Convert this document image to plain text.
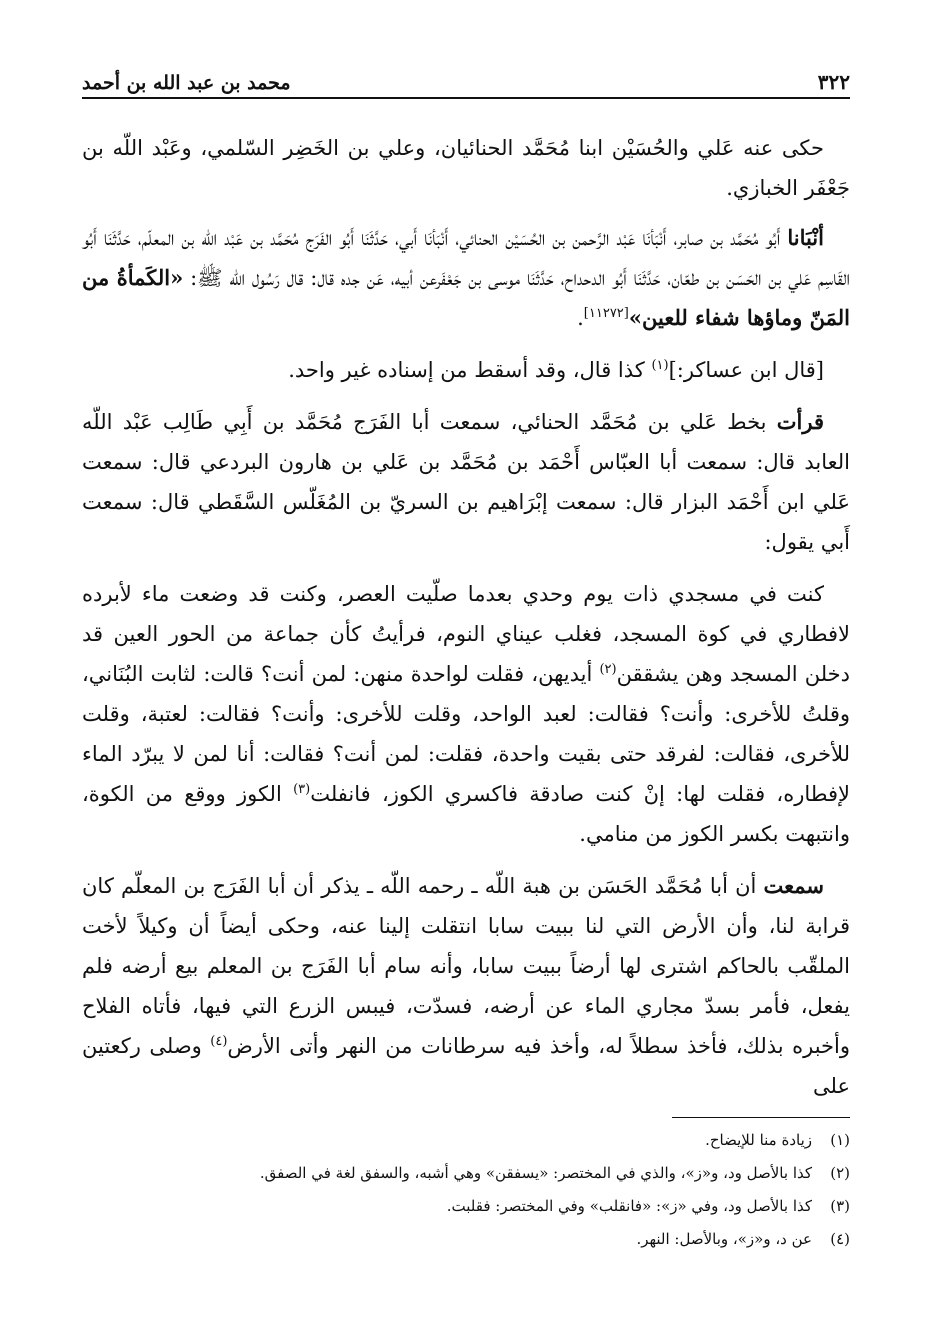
٣٢٢
محمد بن عبد الله بن أحمد

حكى عنه عَلي والحُسَيْن ابنا مُحَمَّد الحنائيان، وعلي بن الخَضِر السّلمي، وعَبْد اللّه بن جَعْفَر الخبازي.

أنْبَانا أَبُو مُحَمَّد بن صابر، أَنْبَأنَا عَبْد الرَّحمن بن الحُسَيْن الحنائي، أَنْبَأنَا أَبي، حَدَّثَنَا أَبُو الفَرَج مُحَمَّد بن عَبْد اللّه بن المعلّم، حَدَّثَنَا أَبُو القَاسِم عَلي بن الحَسَن بن طعّان، حَدَّثَنَا أَبُو الدحداح، حَدَّثَنَا موسى بن جَعْفَرعن أبيه، عَن جده قال: قال رَسُول اللّه ﷺ: «الكَمأةُ من المَنّ وماؤها شفاء للعين»[١١٢٧٢].

[قال ابن عساكر:]$^{(١)}$ كذا قال، وقد أسقط من إسناده غير واحد.

قرأت بخط عَلي بن مُحَمَّد الحنائي، سمعت أبا الفَرَج مُحَمَّد بن أَبِي طَالِب عَبْد اللّه العابد قال: سمعت أبا العبّاس أَحْمَد بن مُحَمَّد بن عَلي بن هارون البردعي قال: سمعت عَلي ابن أَحْمَد البزار قال: سمعت إبْرَاهيم بن السريّ بن المُغَلّس السَّقَطي قال: سمعت أَبي يقول:

كنت في مسجدي ذات يوم وحدي بعدما صلّيت العصر، وكنت قد وضعت ماء لأبرده لافطاري في كوة المسجد، فغلب عيناي النوم، فرأيتُ كأن جماعة من الحور العين قد دخلن المسجد وهن يشققن$^{(٢)}$ أيديهن، فقلت لواحدة منهن: لمن أنت؟ قالت: لثابت البُنَاني، وقلتُ للأخرى: وأنت؟ فقالت: لعبد الواحد، وقلت للأخرى: وأنت؟ فقالت: لعتبة، وقلت للأخرى، فقالت: لفرقد حتى بقيت واحدة، فقلت: لمن أنت؟ فقالت: أنا لمن لا يبرّد الماء لإفطاره، فقلت لها: إنْ كنت صادقة فاكسري الكوز، فانفلت$^{(٣)}$ الكوز ووقع من الكوة، وانتبهت بكسر الكوز من منامي.

سمعت أن أبا مُحَمَّد الحَسَن بن هبة اللّه ـ رحمه اللّه ـ يذكر أن أبا الفَرَج بن المعلّم كان قرابة لنا، وأن الأرض التي لنا ببيت سابا انتقلت إلينا عنه، وحكى أيضاً أن وكيلاً لأخت الملقّب بالحاكم اشترى لها أرضاً ببيت سابا، وأنه سام أبا الفَرَج بن المعلم بيع أرضه فلم يفعل، فأمر بسدّ مجاري الماء عن أرضه، فسدّت، فيبس الزرع التي فيها، فأتاه الفلاح وأخبره بذلك، فأخذ سطلاً له، وأخذ فيه سرطانات من النهر وأتى الأرض$^{(٤)}$ وصلى ركعتين على

(١)
زيادة منا للإيضاح.
(٢)
كذا بالأصل ود، و«ز»، والذي في المختصر: «يسفقن» وهي أشبه، والسفق لغة في الصفق.
(٣)
كذا بالأصل ود، وفي «ز»: «فانقلب» وفي المختصر: فقلبت.
(٤)
عن د، و«ز»، وبالأصل: النهر.
